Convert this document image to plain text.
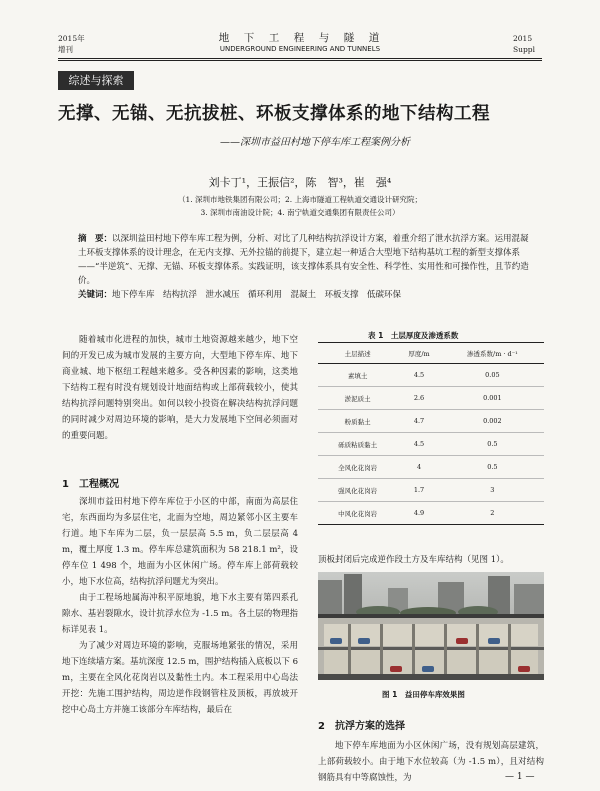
2015年
增刊
地　下　工　程　与　隧　道
UNDERGROUND ENGINEERING AND TUNNELS
2015
Suppl
综述与探索
无撑、无锚、无抗拔桩、环板支撑体系的地下结构工程
——深圳市益田村地下停车库工程案例分析
刘卡丁¹，王振信²，陈　智³，崔　强⁴
（1. 深圳市地铁集团有限公司；2. 上海市隧道工程轨道交通设计研究院；
3. 深圳市南油设计院；4. 南宁轨道交通集团有限责任公司）
摘　要：以深圳益田村地下停车库工程为例，分析、对比了几种结构抗浮设计方案，着重介绍了泄水抗浮方案。运用混凝土环板支撑体系的设计理念，在无内支撑、无外拉锚的前提下，建立起一种适合大型地下结构基坑工程的新型支撑体系——“半逆筑”、无撑、无锚、环板支撑体系。实践证明，该支撑体系具有安全性、科学性、实用性和可操作性，且节约造价。
关键词：地下停车库　结构抗浮　泄水减压　循环利用　混凝土　环板支撑　低碳环保

随着城市化进程的加快，城市土地资源越来越少，地下空间的开发已成为城市发展的主要方向，大型地下停车库、地下商业城、地下枢纽工程越来越多。受各种因素的影响，这类地下结构工程有时没有规划设计地面结构或上部荷载较小，使其结构抗浮问题特别突出。如何以较小投资在解决结构抗浮问题的同时减少对周边环境的影响，是大力发展地下空间必须面对的重要问题。

1　工程概况

深圳市益田村地下停车库位于小区的中部，南面为高层住宅，东西面均为多层住宅，北面为空地，周边紧邻小区主要车行道。地下车库为二层，负一层层高 5.5 m，负二层层高 4 m，覆土厚度 1.3 m。停车库总建筑面积为 58 218.1 m²，设停车位 1 498 个，地面为小区休闲广场。停车库上部荷载较小，地下水位高，结构抗浮问题尤为突出。

由于工程场地属海冲积平原地貌，地下水主要有第四系孔隙水、基岩裂隙水，设计抗浮水位为 -1.5 m。各土层的物理指标详见表 1。

为了减少对周边环境的影响，克服场地紧张的情况，采用地下连续墙方案。基坑深度 12.5 m，围护结构插入底板以下 6 m，主要在全风化花岗岩以及黏性土内。本工程采用中心岛法开挖：先施工围护结构，周边逆作段钢管柱及顶板，再放坡开挖中心岛土方并施工该部分车库结构，最后在

表 1　土层厚度及渗透系数
土层描述	厚度/m	渗透系数/m · d⁻¹
素填土	4.5	0.05
淤泥质土	2.6	0.001
粉质黏土	4.7	0.002
砾质粘质黏土	4.5	0.5
全风化花岗岩	4	0.5
强风化花岗岩	1.7	3
中风化花岗岩	4.9	2
顶板封闭后完成逆作段土方及车库结构（见图 1）。
图 1　益田停车库效果图
2　抗浮方案的选择

地下停车库地面为小区休闲广场，没有规划高层建筑，上部荷载较小。由于地下水位较高（为 -1.5 m），且对结构钢筋具有中等腐蚀性，为	— 1 —
